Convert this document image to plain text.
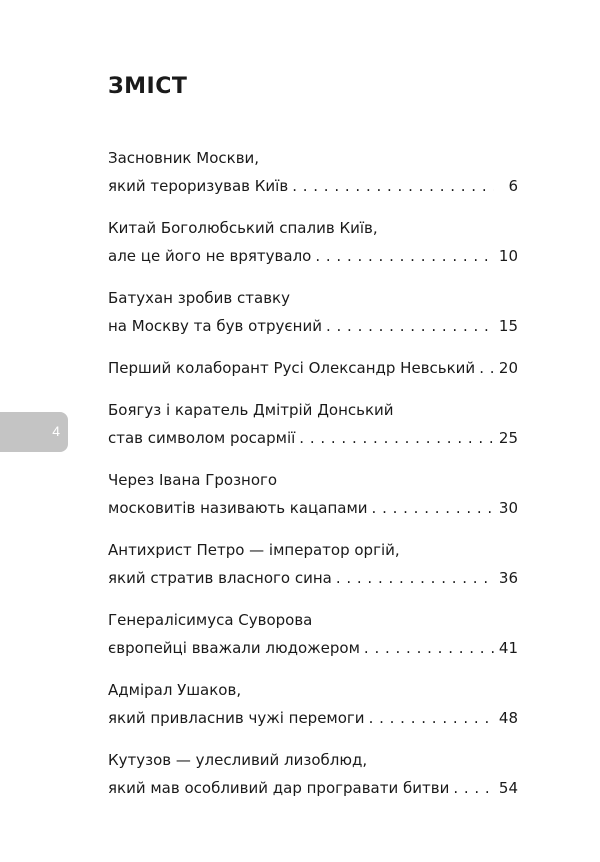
ЗМІСТ
Засновник Москви,
який тероризував Київ . . .	6
Китай Боголюбський спалив Київ,
але це його не врятувало . . .	10
Батухан зробив ставку
на Москву та був отруєний . . .	15
Перший колаборант Русі Олександр Невський . . . 20
Боягуз і каратель Дмітрій Донський
став символом росармії . . .	25
Через Івана Грозного
московитів називають кацапами . . .	30
Антихрист Петро — імператор оргій,
який стратив власного сина . . .	36
Генералісимуса Суворова
європейці вважали людожером . . .	41
Адмірал Ушаков,
який привласнив чужі перемоги . . .	48
Кутузов — улесливий лизоблюд,
який мав особливий дар програвати битви . . .	54
4
